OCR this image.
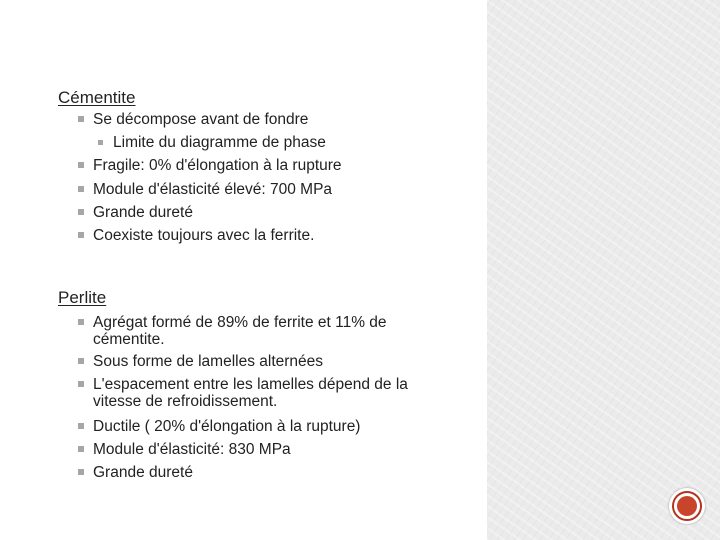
Cémentite
Se décompose avant de fondre
Limite du diagramme de phase
Fragile: 0% d'élongation à la rupture
Module d'élasticité élevé: 700 MPa
Grande dureté
Coexiste toujours avec la ferrite.
Perlite
Agrégat formé de 89% de ferrite et 11% de cémentite.
Sous forme de lamelles alternées
L'espacement entre les lamelles dépend de la vitesse de refroidissement.
Ductile ( 20% d'élongation à la rupture)
Module d'élasticité: 830 MPa
Grande dureté
